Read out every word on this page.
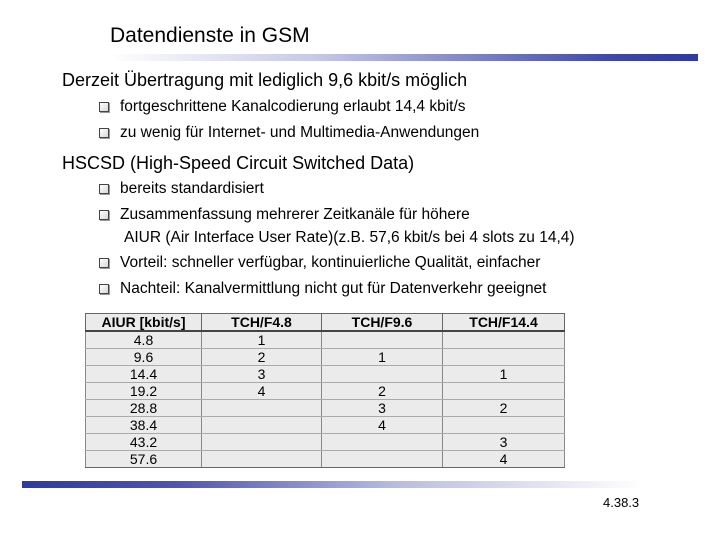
Datendienste in GSM
Derzeit Übertragung mit lediglich 9,6 kbit/s möglich
fortgeschrittene Kanalcodierung erlaubt 14,4 kbit/s
zu wenig für Internet- und Multimedia-Anwendungen
HSCSD (High-Speed Circuit Switched Data)
bereits standardisiert
Zusammenfassung mehrerer Zeitkanäle für höhere
AIUR (Air Interface User Rate)(z.B. 57,6 kbit/s bei 4 slots zu 14,4)
Vorteil: schneller verfügbar, kontinuierliche Qualität, einfacher
Nachteil: Kanalvermittlung nicht gut für Datenverkehr geeignet
AIUR [kbit/s]	TCH/F4.8	TCH/F9.6	TCH/F14.4
4.8	1		
9.6	2	1	
14.4	3		1
19.2	4	2	
28.8		3	2
38.4		4	
43.2			3
57.6			4
4.38.3
